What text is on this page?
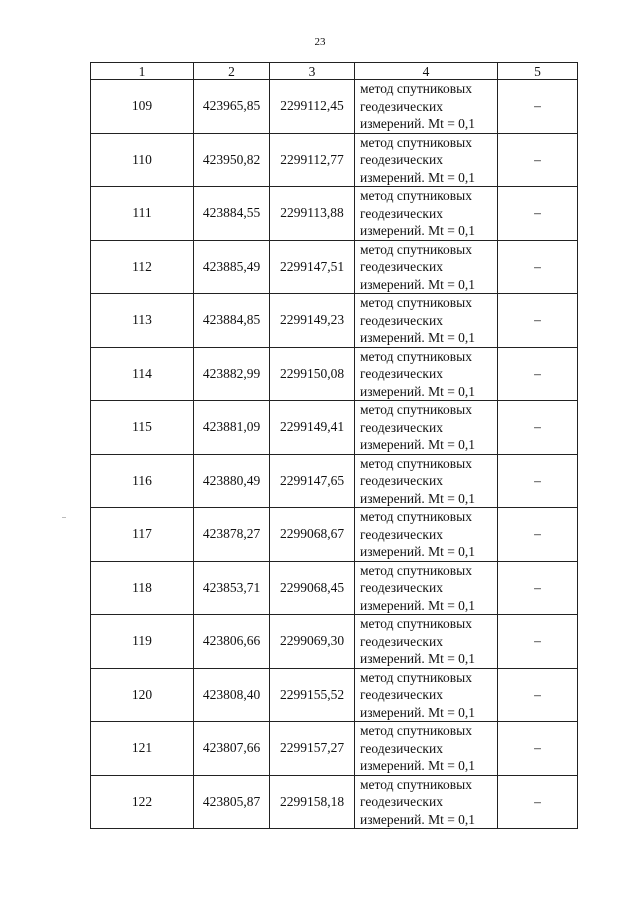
23
1	2	3	4	5
109	423965,85	2299112,45	метод спутниковых
геодезических
измерений. Mt = 0,1	–
110	423950,82	2299112,77	метод спутниковых
геодезических
измерений. Mt = 0,1	–
111	423884,55	2299113,88	метод спутниковых
геодезических
измерений. Mt = 0,1	–
112	423885,49	2299147,51	метод спутниковых
геодезических
измерений. Mt = 0,1	–
113	423884,85	2299149,23	метод спутниковых
геодезических
измерений. Mt = 0,1	–
114	423882,99	2299150,08	метод спутниковых
геодезических
измерений. Mt = 0,1	–
115	423881,09	2299149,41	метод спутниковых
геодезических
измерений. Mt = 0,1	–
116	423880,49	2299147,65	метод спутниковых
геодезических
измерений. Mt = 0,1	–
117	423878,27	2299068,67	метод спутниковых
геодезических
измерений. Mt = 0,1	–
118	423853,71	2299068,45	метод спутниковых
геодезических
измерений. Mt = 0,1	–
119	423806,66	2299069,30	метод спутниковых
геодезических
измерений. Mt = 0,1	–
120	423808,40	2299155,52	метод спутниковых
геодезических
измерений. Mt = 0,1	–
121	423807,66	2299157,27	метод спутниковых
геодезических
измерений. Mt = 0,1	–
122	423805,87	2299158,18	метод спутниковых
геодезических
измерений. Mt = 0,1	–
